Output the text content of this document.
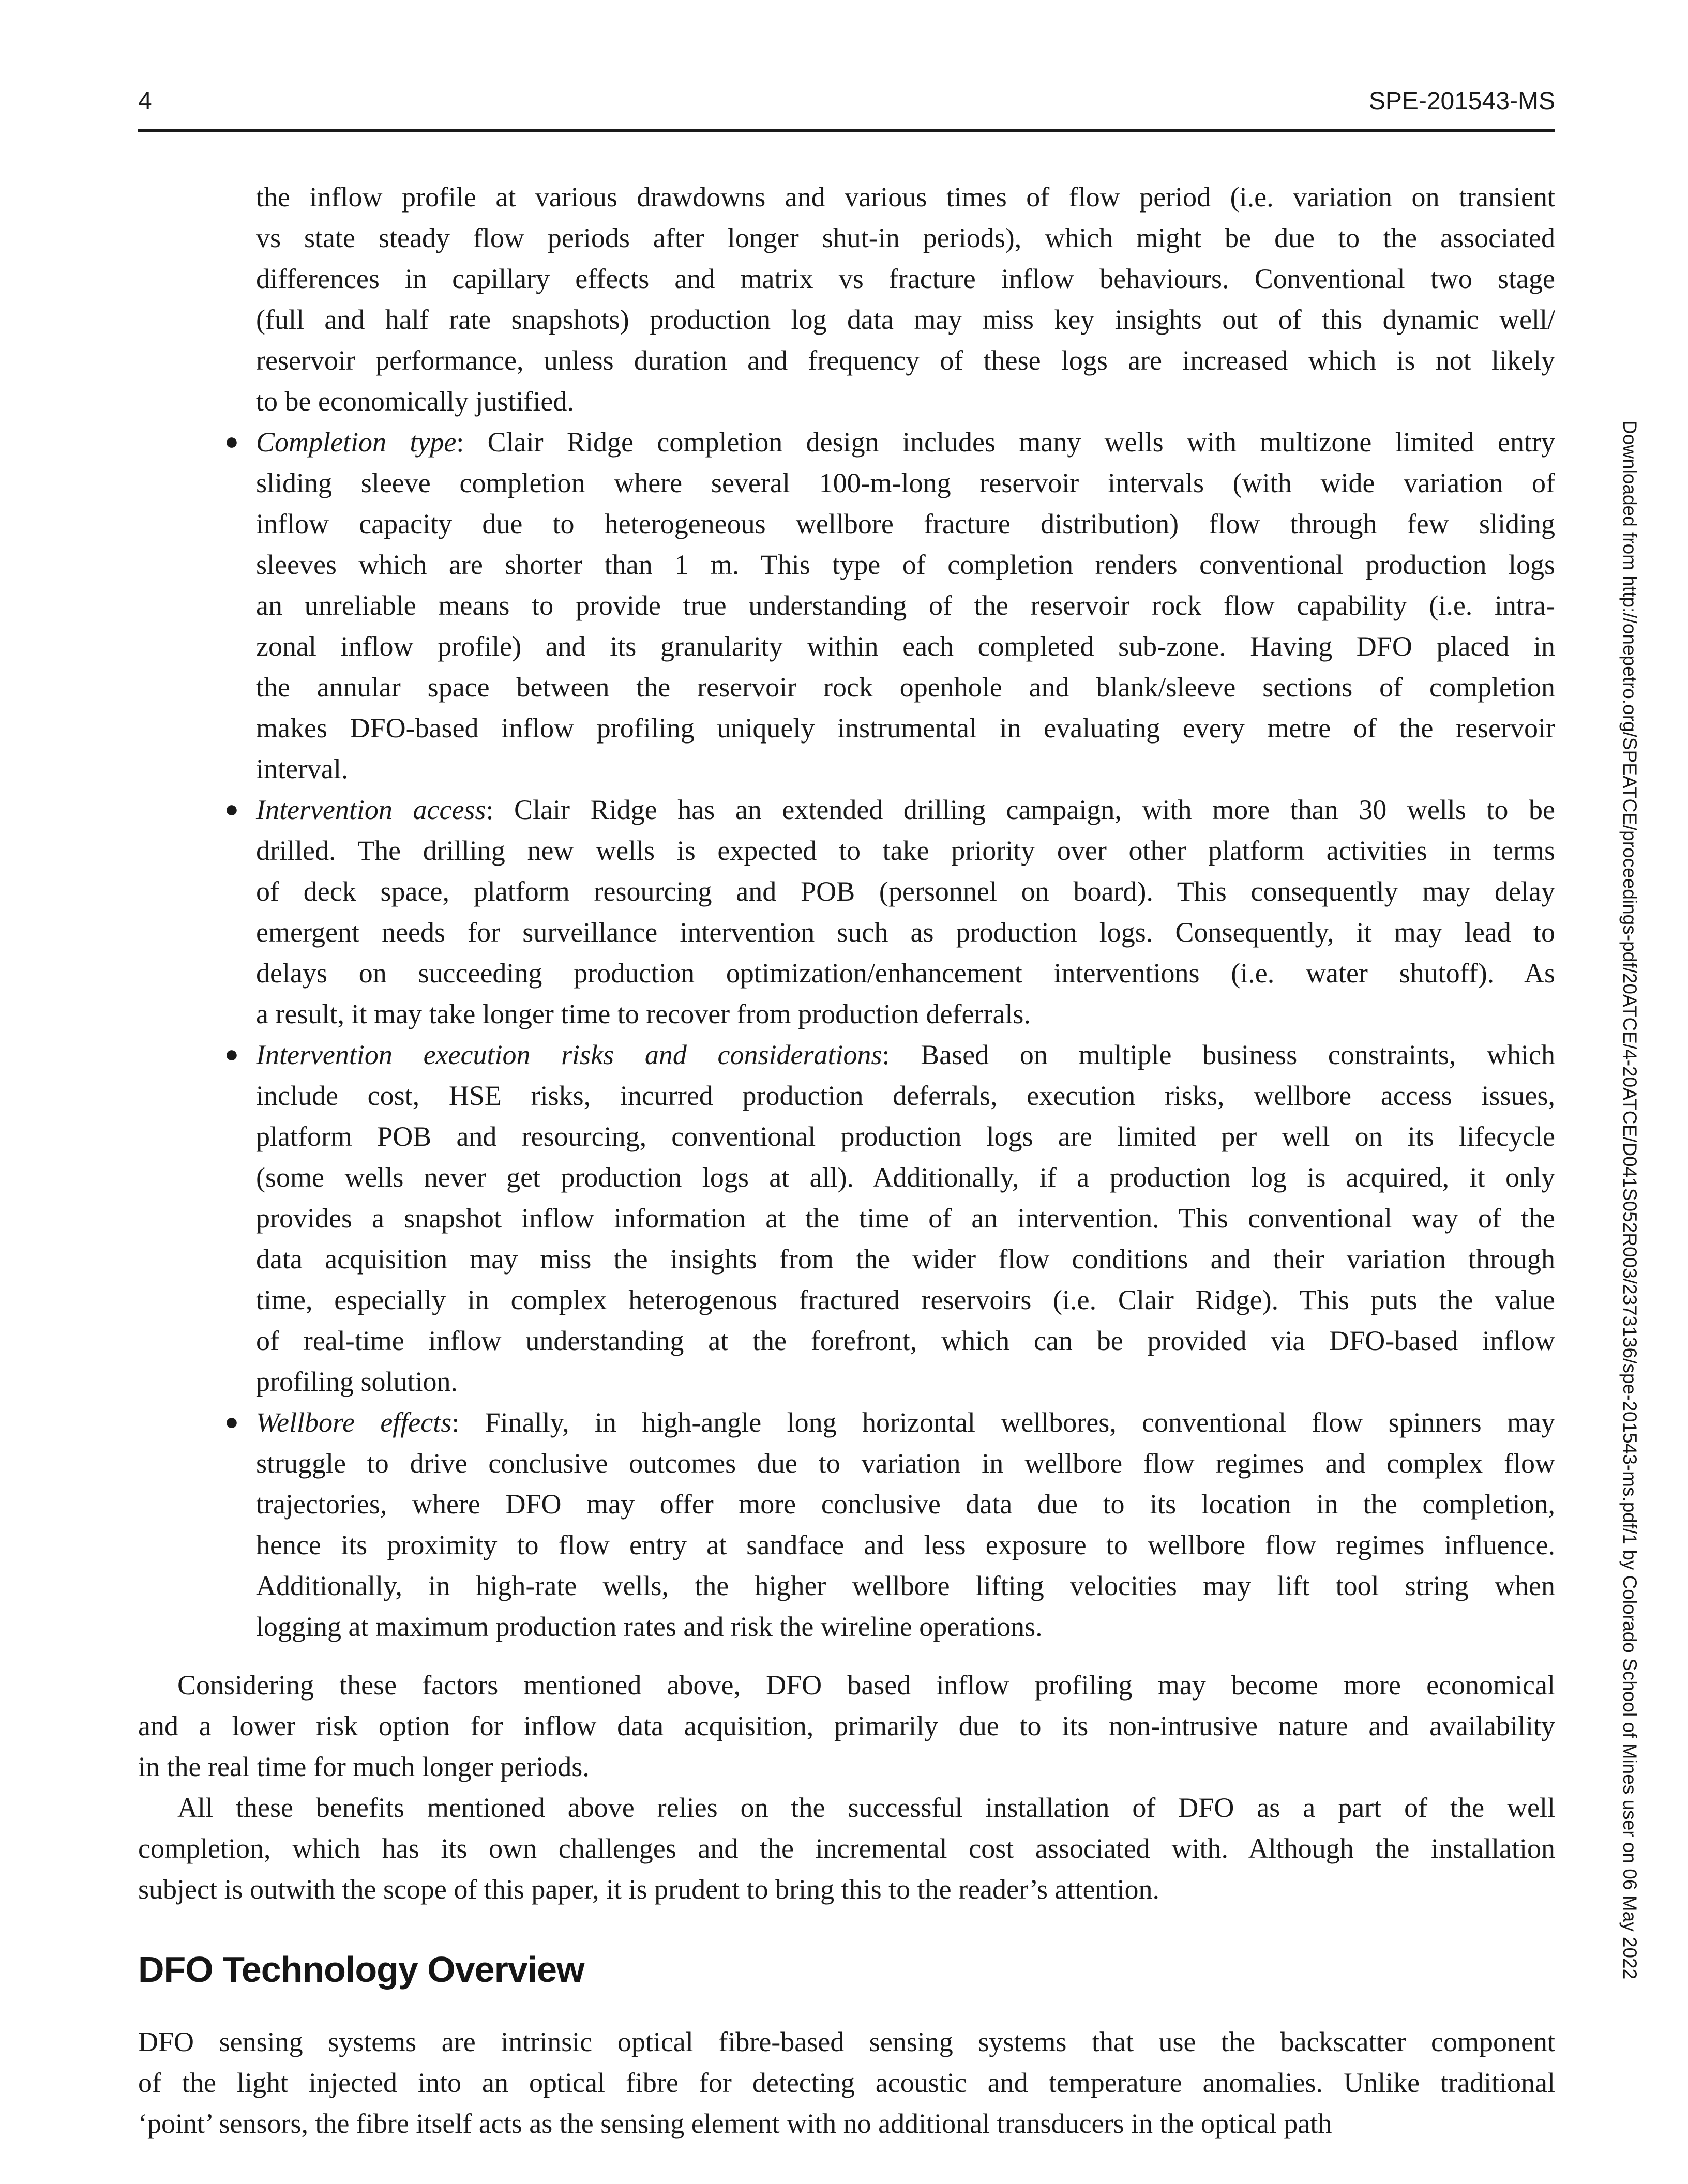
4	SPE-201543-MS
the inflow profile at various drawdowns and various times of flow period (i.e. variation on transient
vs state steady flow periods after longer shut-in periods), which might be due to the associated
differences in capillary effects and matrix vs fracture inflow behaviours. Conventional two stage
(full and half rate snapshots) production log data may miss key insights out of this dynamic well/
reservoir performance, unless duration and frequency of these logs are increased which is not likely
to be economically justified.
● Completion type: Clair Ridge completion design includes many wells with multizone limited entry
sliding sleeve completion where several 100-m-long reservoir intervals (with wide variation of
inflow capacity due to heterogeneous wellbore fracture distribution) flow through few sliding
sleeves which are shorter than 1 m. This type of completion renders conventional production logs
an unreliable means to provide true understanding of the reservoir rock flow capability (i.e. intra-
zonal inflow profile) and its granularity within each completed sub-zone. Having DFO placed in
the annular space between the reservoir rock openhole and blank/sleeve sections of completion
makes DFO-based inflow profiling uniquely instrumental in evaluating every metre of the reservoir
interval.
● Intervention access: Clair Ridge has an extended drilling campaign, with more than 30 wells to be
drilled. The drilling new wells is expected to take priority over other platform activities in terms
of deck space, platform resourcing and POB (personnel on board). This consequently may delay
emergent needs for surveillance intervention such as production logs. Consequently, it may lead to
delays on succeeding production optimization/enhancement interventions (i.e. water shutoff). As
a result, it may take longer time to recover from production deferrals.
● Intervention execution risks and considerations: Based on multiple business constraints, which
include cost, HSE risks, incurred production deferrals, execution risks, wellbore access issues,
platform POB and resourcing, conventional production logs are limited per well on its lifecycle
(some wells never get production logs at all). Additionally, if a production log is acquired, it only
provides a snapshot inflow information at the time of an intervention. This conventional way of the
data acquisition may miss the insights from the wider flow conditions and their variation through
time, especially in complex heterogenous fractured reservoirs (i.e. Clair Ridge). This puts the value
of real-time inflow understanding at the forefront, which can be provided via DFO-based inflow
profiling solution.
● Wellbore effects: Finally, in high-angle long horizontal wellbores, conventional flow spinners may
struggle to drive conclusive outcomes due to variation in wellbore flow regimes and complex flow
trajectories, where DFO may offer more conclusive data due to its location in the completion,
hence its proximity to flow entry at sandface and less exposure to wellbore flow regimes influence.
Additionally, in high-rate wells, the higher wellbore lifting velocities may lift tool string when
logging at maximum production rates and risk the wireline operations.
Considering these factors mentioned above, DFO based inflow profiling may become more economical
and a lower risk option for inflow data acquisition, primarily due to its non-intrusive nature and availability
in the real time for much longer periods.
All these benefits mentioned above relies on the successful installation of DFO as a part of the well
completion, which has its own challenges and the incremental cost associated with. Although the installation
subject is outwith the scope of this paper, it is prudent to bring this to the reader’s attention.
DFO Technology Overview
DFO sensing systems are intrinsic optical fibre-based sensing systems that use the backscatter component
of the light injected into an optical fibre for detecting acoustic and temperature anomalies. Unlike traditional
‘point’ sensors, the fibre itself acts as the sensing element with no additional transducers in the optical path
Downloaded from http://onepetro.org/SPEATCE/proceedings-pdf/20ATCE/4-20ATCE/D041S052R003/2373136/spe-201543-ms.pdf/1 by Colorado School of Mines user on 06 May 2022
